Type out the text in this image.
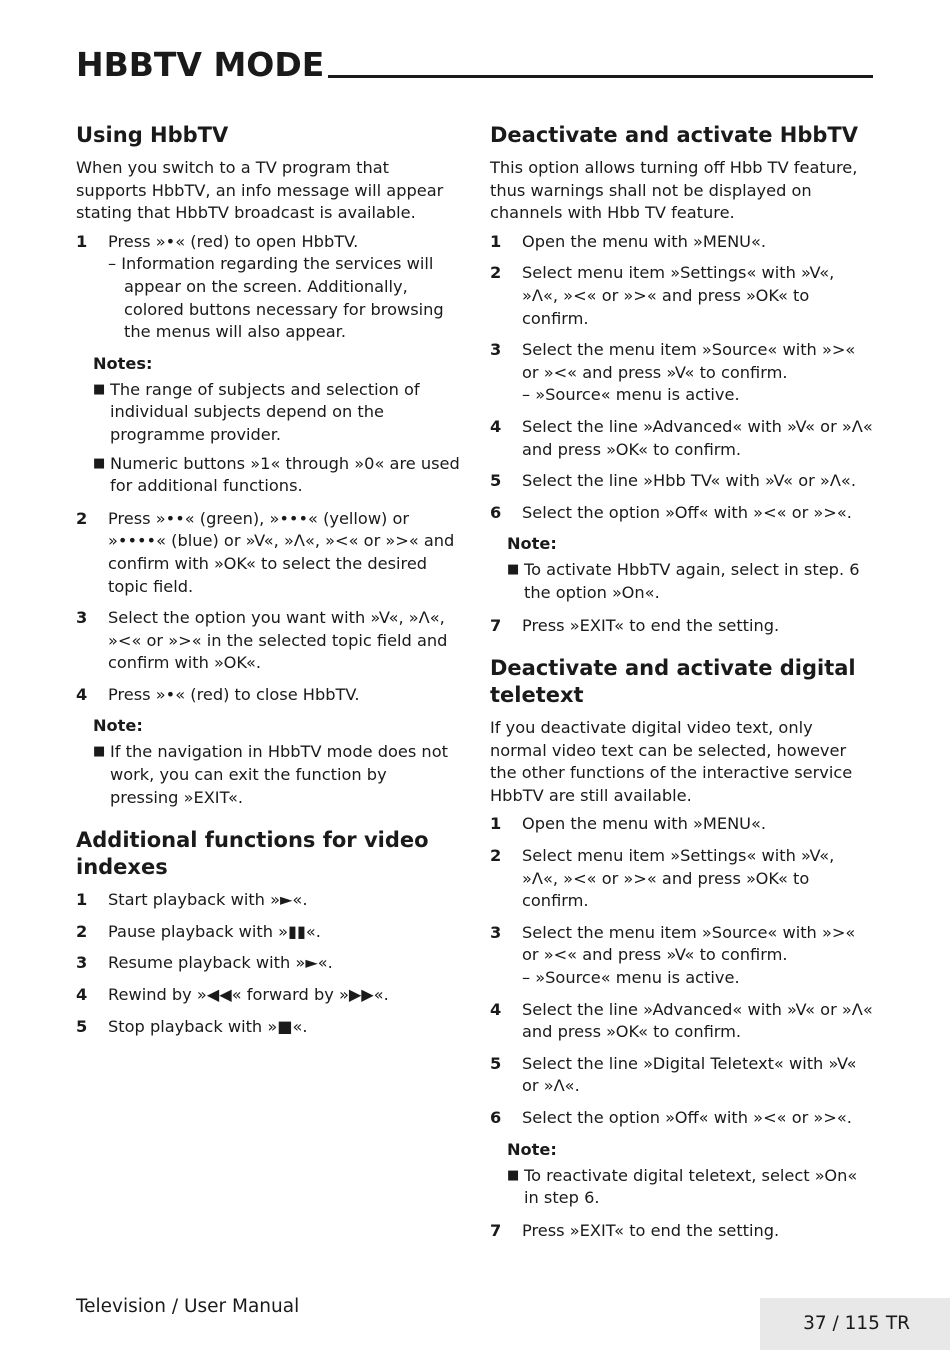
HBBTV MODE
Using HbbTV

When you switch to a TV program that supports HbbTV, an info message will appear stating that HbbTV broadcast is available.

1	Press »•« (red) to open HbbTV.
– Information regarding the services will appear on the screen. Additionally, colored buttons necessary for browsing the menus will also appear.
Notes:
■ The range of subjects and selection of individual subjects depend on the programme provider.
■ Numeric buttons »1« through »0« are used for additional functions.
2	Press »••« (green), »•••« (yellow) or »••••« (blue) or »V«, »Λ«, »<« or »>« and confirm with »OK« to select the desired topic field.
3	Select the option you want with »V«, »Λ«, »<« or »>« in the selected topic field and confirm with »OK«.
4	Press »•« (red) to close HbbTV.
Note:
■ If the navigation in HbbTV mode does not work, you can exit the function by pressing »EXIT«.
Additional functions for video indexes
1	Start playback with »►«.
2	Pause playback with »▮▮«.
3	Resume playback with »►«.
4	Rewind by »◀◀« forward by »▶▶«.
5	Stop playback with »■«.
Deactivate and activate HbbTV

This option allows turning off Hbb TV feature, thus warnings shall not be displayed on channels with Hbb TV feature.

1	Open the menu with »MENU«.
2	Select menu item »Settings« with »V«, »Λ«, »<« or »>« and press »OK« to confirm.
3	Select the menu item »Source« with »>« or »<« and press »V« to confirm.
– »Source« menu is active.
4	Select the line »Advanced« with »V« or »Λ« and press »OK« to confirm.
5	Select the line »Hbb TV« with »V« or »Λ«.
6	Select the option »Off« with »<« or »>«.
Note:
■ To activate HbbTV again, select in step. 6 the option »On«.
7	Press »EXIT« to end the setting.
Deactivate and activate digital teletext

If you deactivate digital video text, only normal video text can be selected, however the other functions of the interactive service HbbTV are still available.

1	Open the menu with »MENU«.
2	Select menu item »Settings« with »V«, »Λ«, »<« or »>« and press »OK« to confirm.
3	Select the menu item »Source« with »>« or »<« and press »V« to confirm.
– »Source« menu is active.
4	Select the line »Advanced« with »V« or »Λ« and press »OK« to confirm.
5	Select the line »Digital Teletext« with »V« or »Λ«.
6	Select the option »Off« with »<« or »>«.
Note:
■ To reactivate digital teletext, select »On« in step 6.
7	Press »EXIT« to end the setting.
Television / User Manual
37 / 115 TR
